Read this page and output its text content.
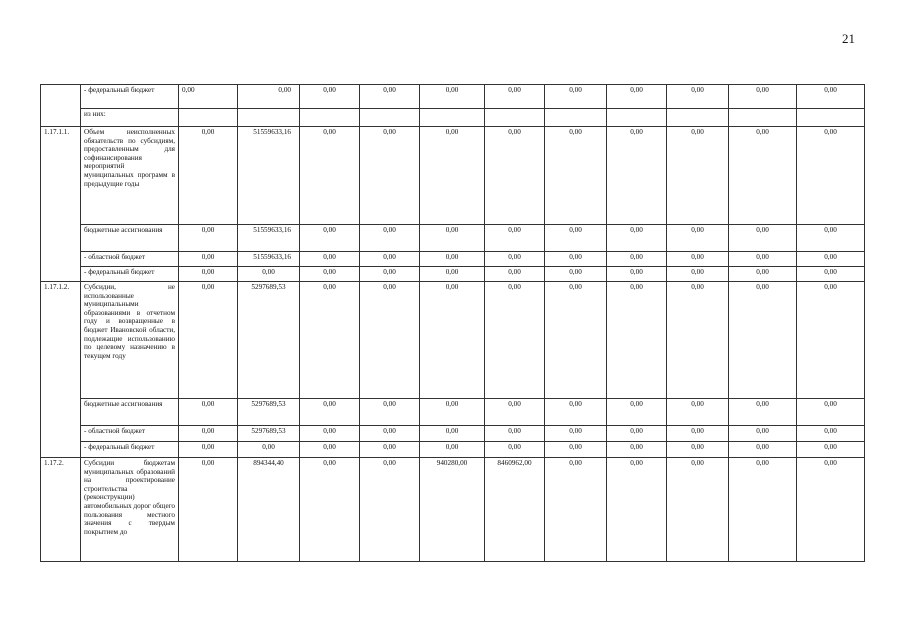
21
	- федеральный бюджет	0,00	0,00	0,00	0,00	0,00	0,00	0,00	0,00	0,00	0,00	0,00
	из них:											
1.17.1.1.	Объем неисполненных обязательств по субсидиям, предоставленным для софинансирования мероприятий муниципальных программ в предыдущие годы	0,00	51559633,16	0,00	0,00	0,00	0,00	0,00	0,00	0,00	0,00	0,00
	бюджетные ассигнования	0,00	51559633,16	0,00	0,00	0,00	0,00	0,00	0,00	0,00	0,00	0,00
	- областной бюджет	0,00	51559633,16	0,00	0,00	0,00	0,00	0,00	0,00	0,00	0,00	0,00
	- федеральный бюджет	0,00	0,00	0,00	0,00	0,00	0,00	0,00	0,00	0,00	0,00	0,00
1.17.1.2.	Субсидии, не использованные муниципальными образованиями в отчетном году и возвращенные в бюджет Ивановской области, подлежащие использованию по целевому назначению в текущем году	0,00	5297689,53	0,00	0,00	0,00	0,00	0,00	0,00	0,00	0,00	0,00
	бюджетные ассигнования	0,00	5297689,53	0,00	0,00	0,00	0,00	0,00	0,00	0,00	0,00	0,00
	- областной бюджет	0,00	5297689,53	0,00	0,00	0,00	0,00	0,00	0,00	0,00	0,00	0,00
	- федеральный бюджет	0,00	0,00	0,00	0,00	0,00	0,00	0,00	0,00	0,00	0,00	0,00
1.17.2.	Субсидии бюджетам муниципальных образований на проектирование строительства (реконструкции) автомобильных дорог общего пользования местного значения с твердым покрытием до	0,00	894344,40	0,00	0,00	940280,00	8460962,00	0,00	0,00	0,00	0,00	0,00
